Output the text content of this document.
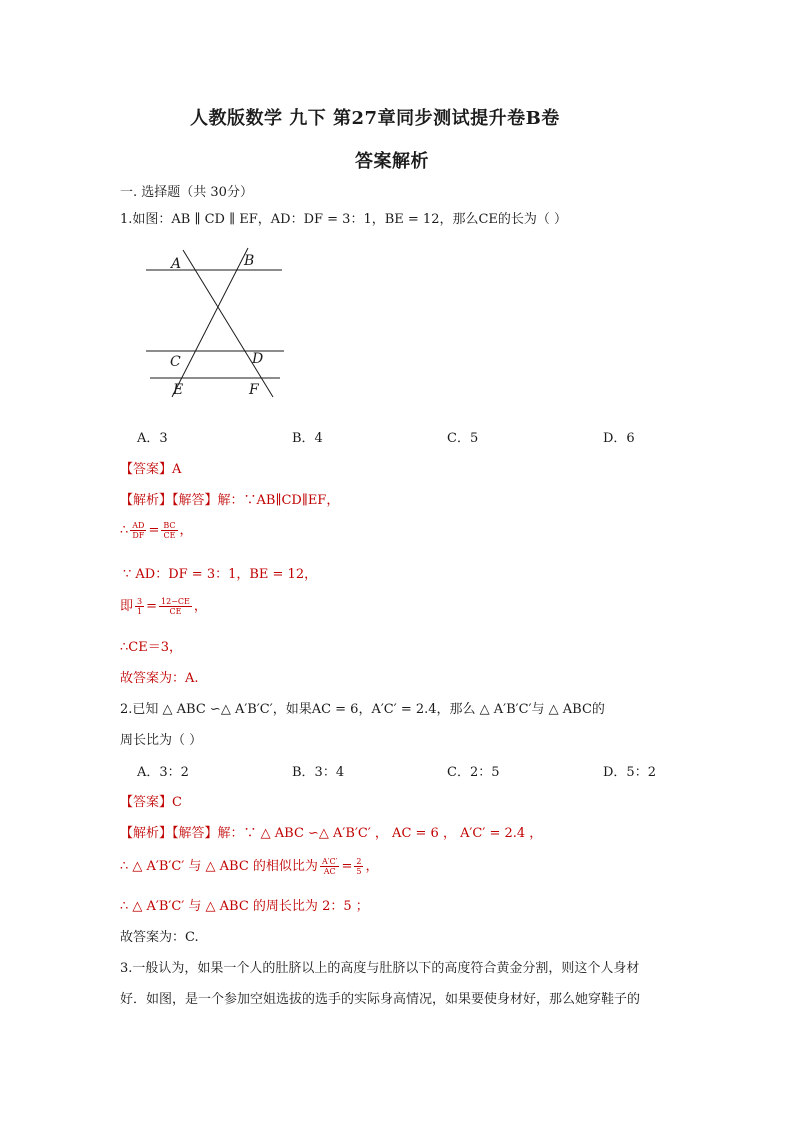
人教版数学 九下 第27章同步测试提升卷B卷
答案解析
一. 选择题（共 30分）
1.如图：AB ∥ CD ∥ EF，AD：DF = 3：1，BE = 12，那么CE的长为（ ）
A	B
C	D
E	F
A．3	B．4	C．5	D．6
【答案】A
【解析】【解答】解：∵AB∥CD∥EF，
∴ $\frac{AD}{DF} = \frac{BC}{CE}$ ，
∵ AD：DF = 3：1，BE = 12，
即 $\frac{3}{1} = \frac{12-CE}{CE}$ ，
∴CE＝3，
故答案为：A.
2.已知 △ ABC ∽△ A′B′C′，如果AC = 6，A′C′ = 2.4，那么 △ A′B′C′与 △ ABC的
周长比为（ ）
A．3：2	B．3：4	C．2：5	D．5：2
【答案】C
【解析】【解答】解：∵ △ ABC ∽△ A′B′C′ ， AC = 6 ， A′C′ = 2.4 ，
∴ △ A′B′C′ 与 △ ABC 的相似比为 $\frac{A'C'}{AC} = \frac{2}{5}$ ，
∴ △ A′B′C′ 与 △ ABC 的周长比为 2：5 ；
故答案为：C.
3.一般认为，如果一个人的肚脐以上的高度与肚脐以下的高度符合黄金分割，则这个人身材
好．如图，是一个参加空姐选拔的选手的实际身高情况，如果要使身材好，那么她穿鞋子的
